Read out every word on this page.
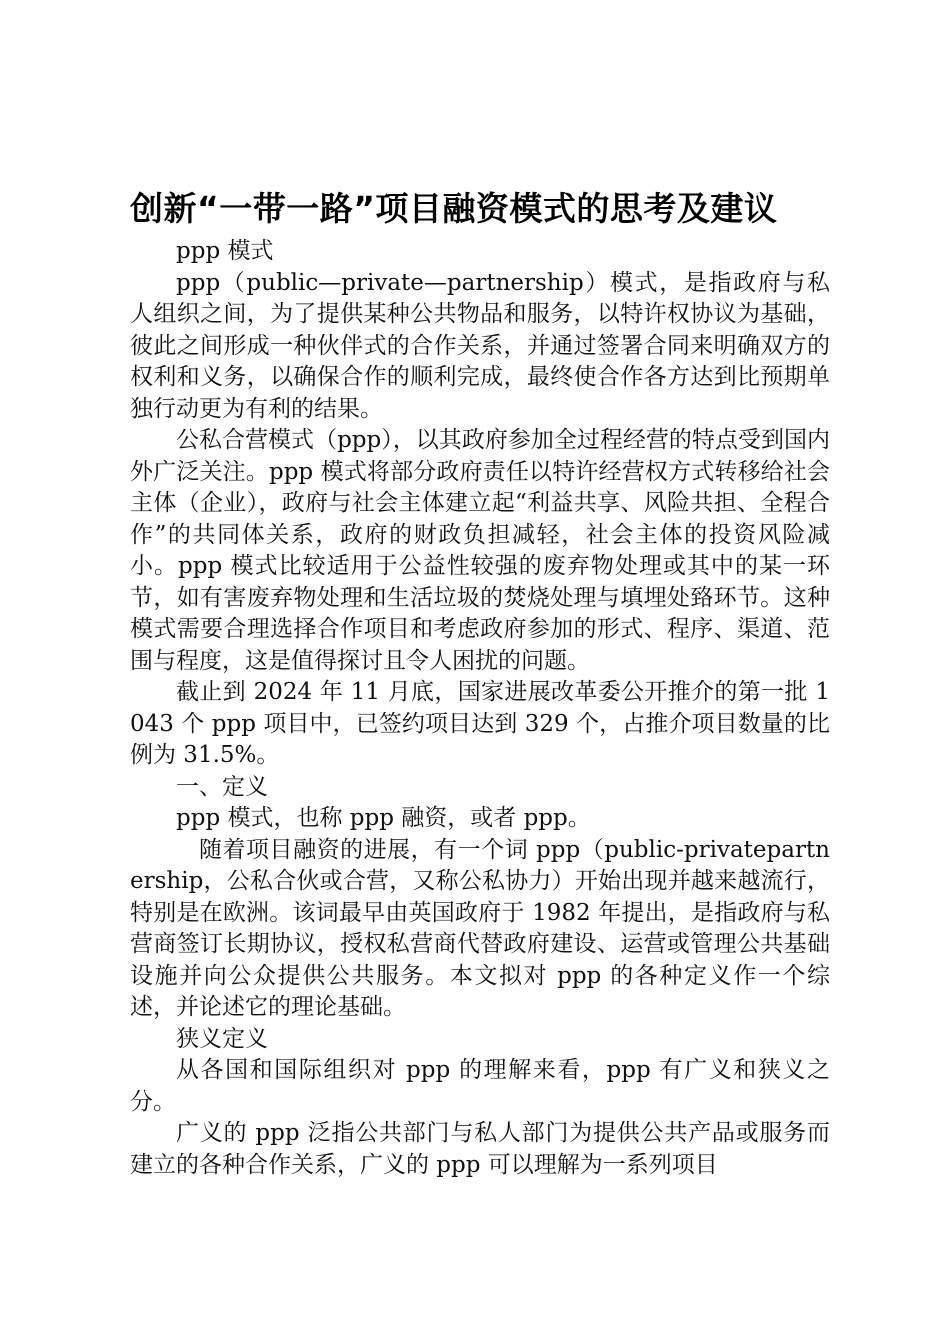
创新“一带一路”项目融资模式的思考及建议

ppp 模式

ppp（public—private—partnership）模式，是指政府与私人组织之间，为了提供某种公共物品和服务，以特许权协议为基础，彼此之间形成一种伙伴式的合作关系，并通过签署合同来明确双方的权利和义务，以确保合作的顺利完成，最终使合作各方达到比预期单独行动更为有利的结果。

公私合营模式（ppp），以其政府参加全过程经营的特点受到国内外广泛关注。ppp 模式将部分政府责任以特许经营权方式转移给社会主体（企业），政府与社会主体建立起“利益共享、风险共担、全程合作”的共同体关系，政府的财政负担减轻，社会主体的投资风险减小。ppp 模式比较适用于公益性较强的废弃物处理或其中的某一环节，如有害废弃物处理和生活垃圾的焚烧处理与填埋处臵环节。这种模式需要合理选择合作项目和考虑政府参加的形式、程序、渠道、范围与程度，这是值得探讨且令人困扰的问题。

截止到 2024 年 11 月底，国家进展改革委公开推介的第一批 1043 个 ppp 项目中，已签约项目达到 329 个，占推介项目数量的比例为 31.5%。

一、定义

ppp 模式，也称 ppp 融资，或者 ppp。

随着项目融资的进展，有一个词 ppp（public-privatepartnership，公私合伙或合营，又称公私协力）开始出现并越来越流行，特别是在欧洲。该词最早由英国政府于 1982 年提出，是指政府与私营商签订长期协议，授权私营商代替政府建设、运营或管理公共基础设施并向公众提供公共服务。本文拟对 ppp 的各种定义作一个综述，并论述它的理论基础。

狭义定义

从各国和国际组织对 ppp 的理解来看，ppp 有广义和狭义之分。

广义的 ppp 泛指公共部门与私人部门为提供公共产品或服务而建立的各种合作关系，广义的 ppp 可以理解为一系列项目
